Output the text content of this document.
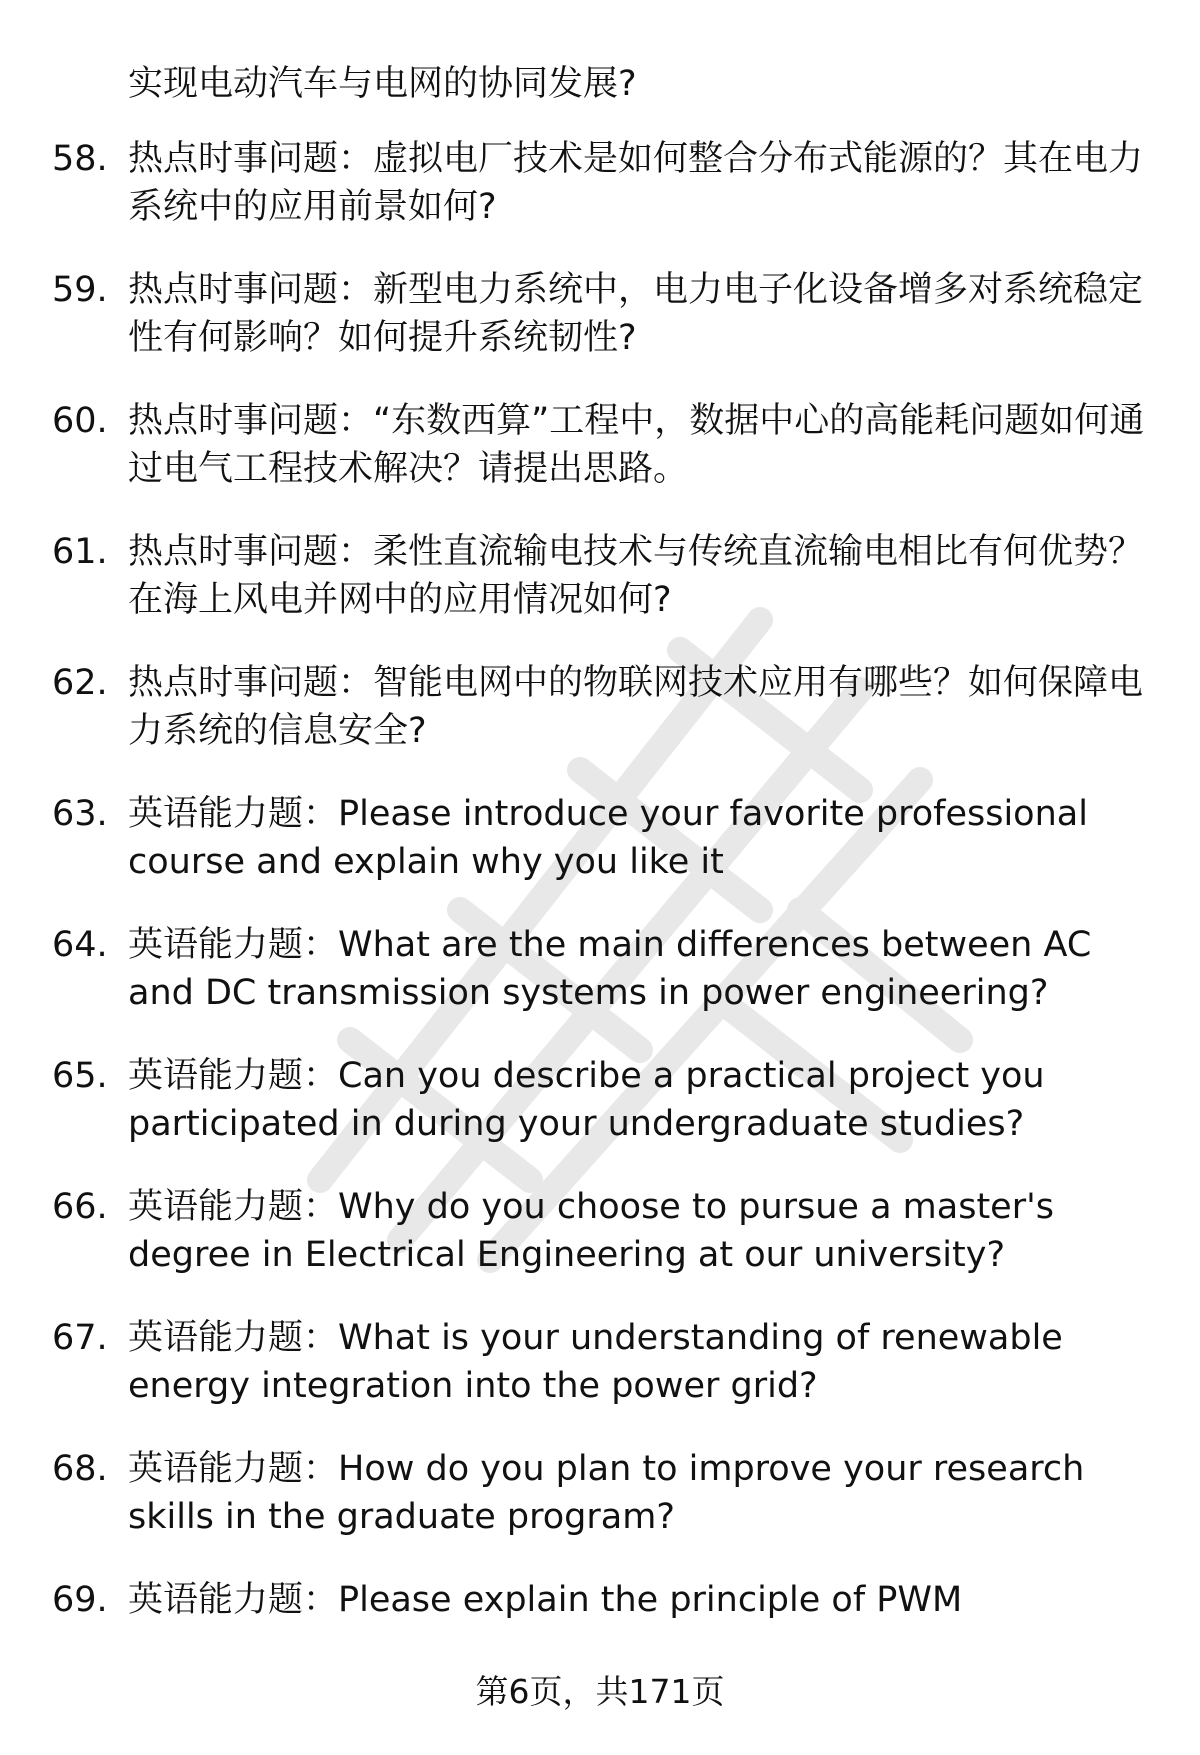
实现电动汽车与电网的协同发展?
58. 热点时事问题：虚拟电厂技术是如何整合分布式能源的？其在电力系统中的应用前景如何?
59. 热点时事问题：新型电力系统中，电力电子化设备增多对系统稳定性有何影响？如何提升系统韧性?
60. 热点时事问题：“东数西算”工程中，数据中心的高能耗问题如何通过电气工程技术解决？请提出思路。
61. 热点时事问题：柔性直流输电技术与传统直流输电相比有何优势？在海上风电并网中的应用情况如何?
62. 热点时事问题：智能电网中的物联网技术应用有哪些？如何保障电力系统的信息安全?
63. 英语能力题：Please introduce your favorite professional course and explain why you like it
64. 英语能力题：What are the main differences between AC and DC transmission systems in power engineering?
65. 英语能力题：Can you describe a practical project you participated in during your undergraduate studies?
66. 英语能力题：Why do you choose to pursue a master's degree in Electrical Engineering at our university?
67. 英语能力题：What is your understanding of renewable energy integration into the power grid?
68. 英语能力题：How do you plan to improve your research skills in the graduate program?
69. 英语能力题：Please explain the principle of PWM
第6页，共171页
